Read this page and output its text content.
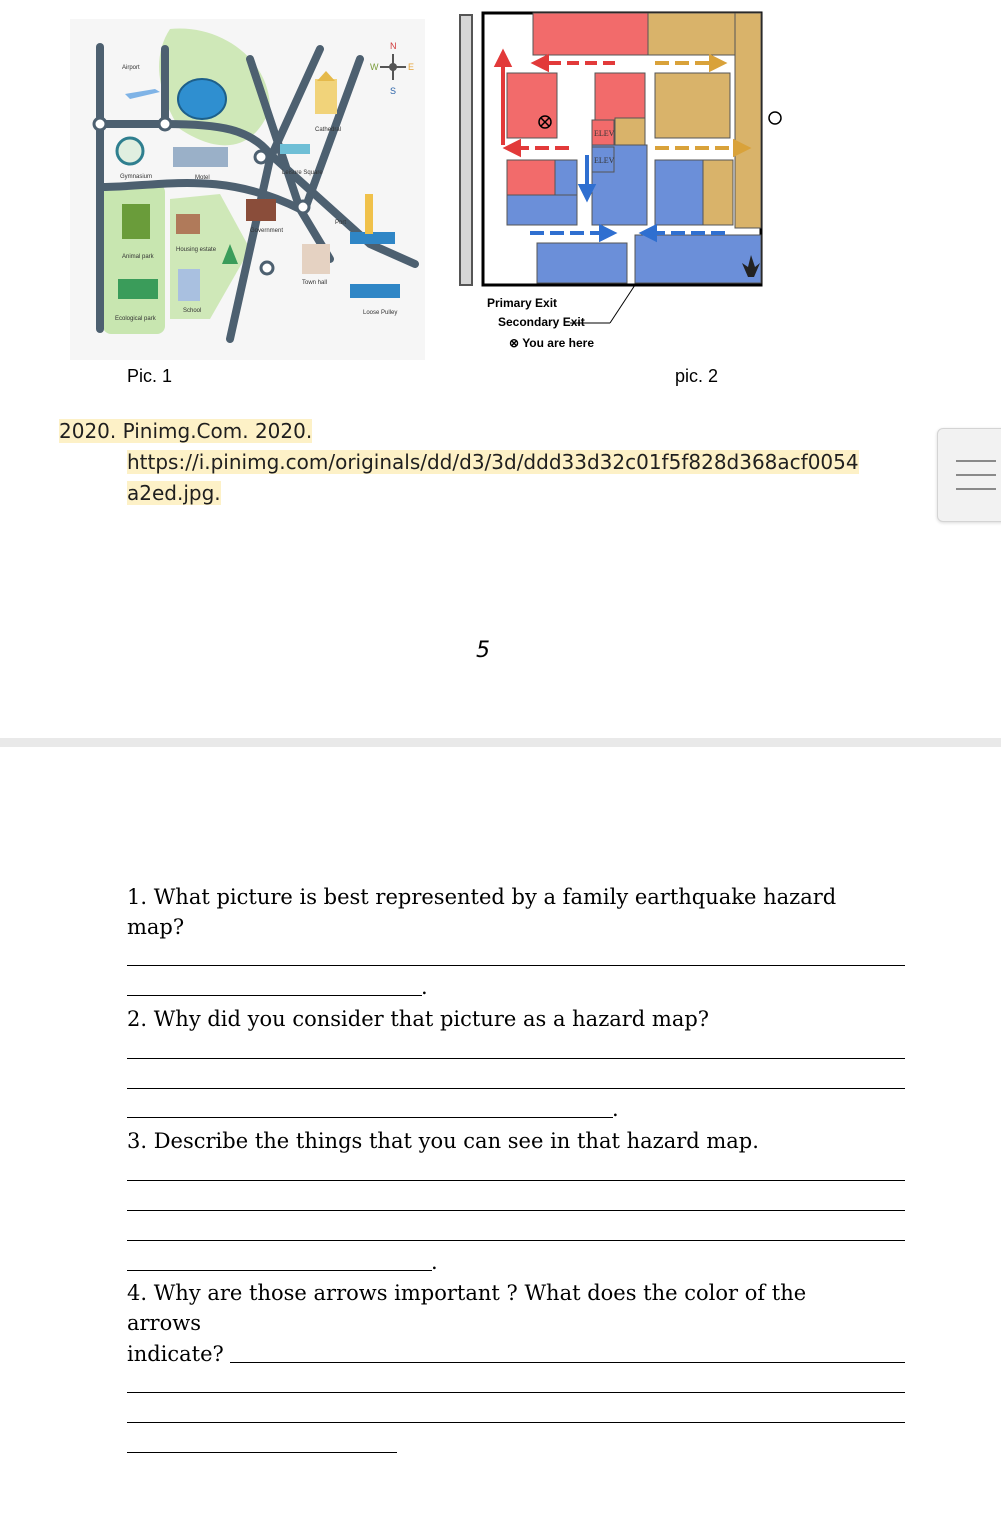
N
S
W	E
Airport
Cathedral
Gymnasium	Motel
Leisure Square
Port
Government
Animal park
Housing estate
Town hall
School	Loose Pulley
Ecological park
Pic. 1
ELEV
ELEV
Primary Exit
Secondary Exit
⊗ You are here
pic. 2
2020. Pinimg.Com. 2020.
https://i.pinimg.com/originals/dd/d3/3d/ddd33d32c01f5f828d368acf0054
a2ed.jpg.
5
1. What picture is best represented by a family earthquake hazard
map?
.
2. Why did you consider that picture as a hazard map?
.
3. Describe the things that you can see in that hazard map.
.
4. Why are those arrows important ? What does the color of the
arrows
indicate?
